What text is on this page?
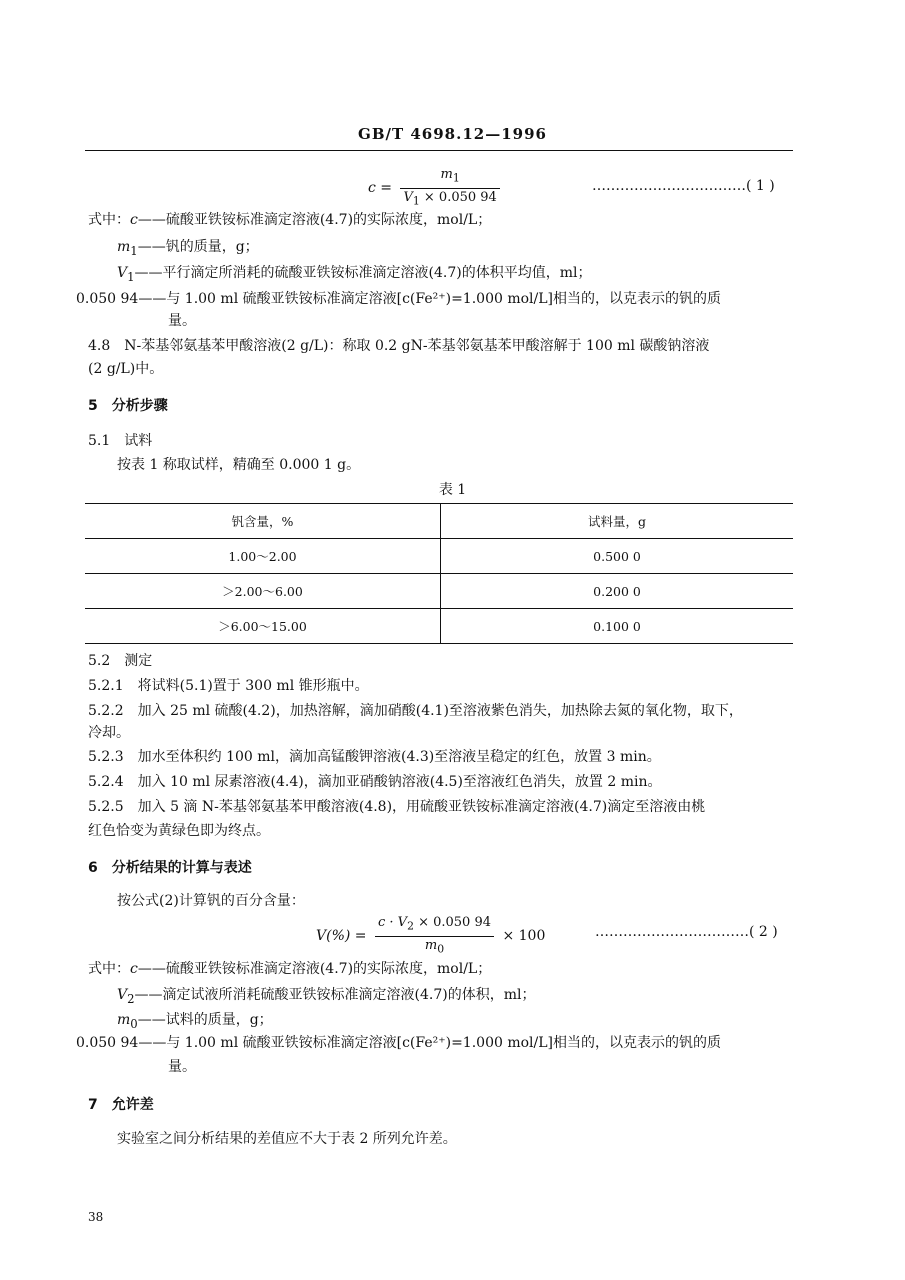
GB/T 4698.12—1996
$c = \frac{m_1}{V_1 \times 0.050 94}$	……………………………( 1 )
式中：c——硫酸亚铁铵标准滴定溶液(4.7)的实际浓度，mol/L；
$m_1——$钒的质量，g；
$V_1——$平行滴定所消耗的硫酸亚铁铵标准滴定溶液(4.7)的体积平均值，ml；
0.050 94——与 1.00 ml 硫酸亚铁铵标准滴定溶液[c(Fe²⁺)=1.000 mol/L]相当的，以克表示的钒的质
量。
4.8　N-苯基邻氨基苯甲酸溶液(2 g/L)：称取 0.2 gN-苯基邻氨基苯甲酸溶解于 100 ml 碳酸钠溶液
(2 g/L)中。
5　分析步骤
5.1　试料
按表 1 称取试样，精确至 0.000 1 g。
表 1
钒含量，%	试料量，g
1.00～2.00	0.500 0
＞2.00～6.00	0.200 0
＞6.00～15.00	0.100 0
5.2　测定
5.2.1　将试料(5.1)置于 300 ml 锥形瓶中。
5.2.2　加入 25 ml 硫酸(4.2)，加热溶解，滴加硝酸(4.1)至溶液紫色消失，加热除去氮的氧化物，取下，
冷却。
5.2.3　加水至体积约 100 ml，滴加高锰酸钾溶液(4.3)至溶液呈稳定的红色，放置 3 min。
5.2.4　加入 10 ml 尿素溶液(4.4)，滴加亚硝酸钠溶液(4.5)至溶液红色消失，放置 2 min。
5.2.5　加入 5 滴 N-苯基邻氨基苯甲酸溶液(4.8)，用硫酸亚铁铵标准滴定溶液(4.7)滴定至溶液由桃
红色恰变为黄绿色即为终点。
6　分析结果的计算与表述
按公式(2)计算钒的百分含量：
$V(\%) = \frac{c \cdot V_2 \times 0.050 94}{m_0} \times 100$	……………………………( 2 )
式中：c——硫酸亚铁铵标准滴定溶液(4.7)的实际浓度，mol/L；
$V_2——$滴定试液所消耗硫酸亚铁铵标准滴定溶液(4.7)的体积，ml；
$m_0——$试料的质量，g；
0.050 94——与 1.00 ml 硫酸亚铁铵标准滴定溶液[c(Fe²⁺)=1.000 mol/L]相当的，以克表示的钒的质
量。
7　允许差
实验室之间分析结果的差值应不大于表 2 所列允许差。
38
